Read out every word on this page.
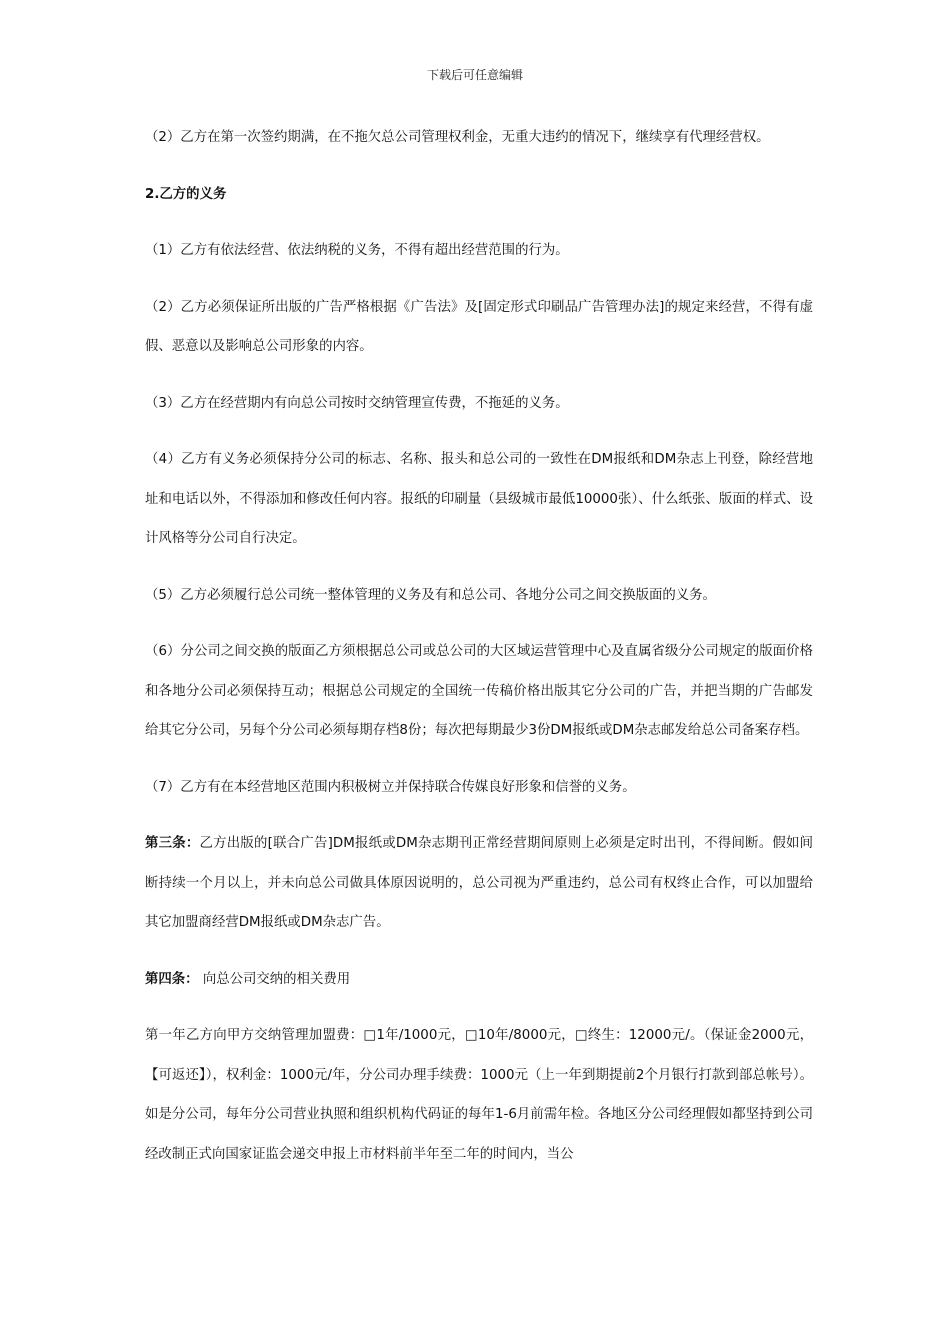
下载后可任意编辑

（2）乙方在第一次签约期满，在不拖欠总公司管理权利金，无重大违约的情况下，继续享有代理经营权。

2.乙方的义务

（1）乙方有依法经营、依法纳税的义务，不得有超出经营范围的行为。

（2）乙方必须保证所出版的广告严格根据《广告法》及[固定形式印刷品广告管理办法]的规定来经营，不得有虚假、恶意以及影响总公司形象的内容。

（3）乙方在经营期内有向总公司按时交纳管理宣传费，不拖延的义务。

（4）乙方有义务必须保持分公司的标志、名称、报头和总公司的一致性在DM报纸和DM杂志上刊登，除经营地址和电话以外，不得添加和修改任何内容。报纸的印刷量（县级城市最低10000张）、什么纸张、版面的样式、设计风格等分公司自行决定。

（5）乙方必须履行总公司统一整体管理的义务及有和总公司、各地分公司之间交换版面的义务。

（6）分公司之间交换的版面乙方须根据总公司或总公司的大区域运营管理中心及直属省级分公司规定的版面价格和各地分公司必须保持互动；根据总公司规定的全国统一传稿价格出版其它分公司的广告，并把当期的广告邮发给其它分公司，另每个分公司必须每期存档8份；每次把每期最少3份DM报纸或DM杂志邮发给总公司备案存档。

（7）乙方有在本经营地区范围内积极树立并保持联合传媒良好形象和信誉的义务。

第三条：乙方出版的[联合广告]DM报纸或DM杂志期刊正常经营期间原则上必须是定时出刊，不得间断。假如间断持续一个月以上，并未向总公司做具体原因说明的，总公司视为严重违约，总公司有权终止合作，可以加盟给其它加盟商经营DM报纸或DM杂志广告。

第四条： 向总公司交纳的相关费用

第一年乙方向甲方交纳管理加盟费：□1年/1000元，□10年/8000元，□终生：12000元/。（保证金2000元，【可返还】），权利金：1000元/年，分公司办理手续费：1000元（上一年到期提前2个月银行打款到部总帐号）。如是分公司，每年分公司营业执照和组织机构代码证的每年1-6月前需年检。各地区分公司经理假如都坚持到公司经改制正式向国家证监会递交申报上市材料前半年至二年的时间内，当公
